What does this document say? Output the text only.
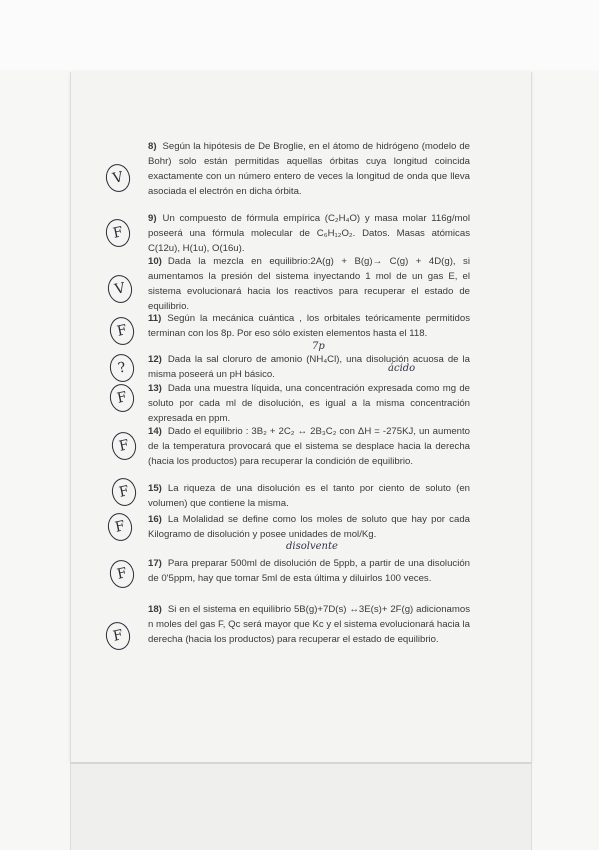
8) Según la hipótesis de De Broglie, en el átomo de hidrógeno (modelo de Bohr) solo están permitidas aquellas órbitas cuya longitud coincida exactamente con un número entero de veces la longitud de onda que lleva asociada el electrón en dicha órbita.
V
9) Un compuesto de fórmula empírica (C₂H₄O) y masa molar 116g/mol poseerá una fórmula molecular de C₆H₁₂O₂. Datos. Masas atómicas C(12u), H(1u), O(16u).
F
10) Dada la mezcla en equilibrio:2A(g) + B(g)→ C(g) + 4D(g), si aumentamos la presión del sistema inyectando 1 mol de un gas E, el sistema evolucionará hacia los reactivos para recuperar el estado de equilibrio.
V
11) Según la mecánica cuántica , los orbitales teóricamente permitidos terminan con los 8p. Por eso sólo existen elementos hasta el 118.
F
7p
12) Dada la sal cloruro de amonio (NH₄Cl), una disolución acuosa de la misma poseerá un pH básico.
?	ácido
13) Dada una muestra líquida, una concentración expresada como mg de soluto por cada ml de disolución, es igual a la misma concentración expresada en ppm.
F
14) Dado el equilibrio : 3B₂ + 2C₂ ↔ 2B₃C₂ con ΔH = -275KJ, un aumento de la temperatura provocará que el sistema se desplace hacia la derecha (hacia los productos) para recuperar la condición de equilibrio.
F
15) La riqueza de una disolución es el tanto por ciento de soluto (en volumen) que contiene la misma.
F
16) La Molalidad se define como los moles de soluto que hay por cada Kilogramo de disolución y posee unidades de mol/Kg.
F
disolvente
17) Para preparar 500ml de disolución de 5ppb, a partir de una disolución de 0'5ppm, hay que tomar 5ml de esta última y diluirlos 100 veces.
F
18) Si en el sistema en equilibrio 5B(g)+7D(s) ↔3E(s)+ 2F(g) adicionamos n moles del gas F, Qc será mayor que Kc y el sistema evolucionará hacia la derecha (hacia los productos) para recuperar el estado de equilibrio.
F
